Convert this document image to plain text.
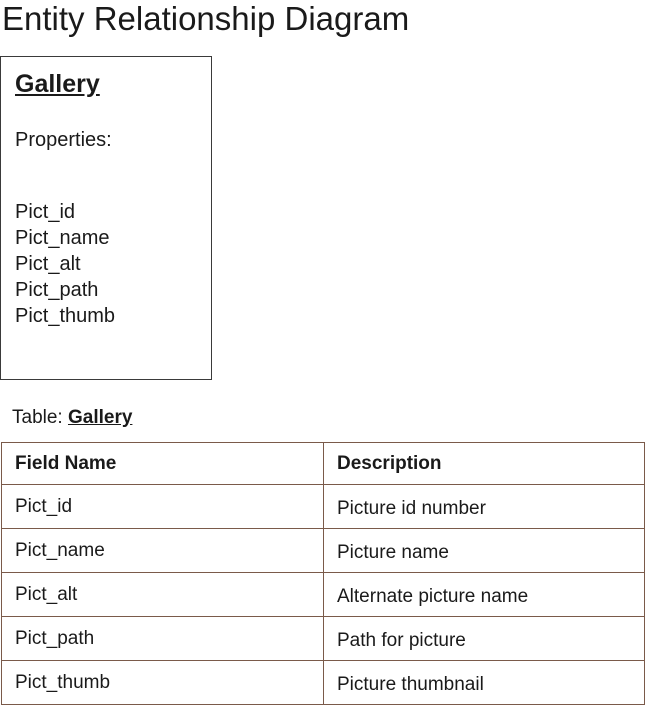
Entity Relationship Diagram
Gallery
Properties:
Pict_id
Pict_name
Pict_alt
Pict_path
Pict_thumb
Table: Gallery
Field Name	Description
Pict_id	Picture id number
Pict_name	Picture name
Pict_alt	Alternate picture name
Pict_path	Path for picture
Pict_thumb	Picture thumbnail
